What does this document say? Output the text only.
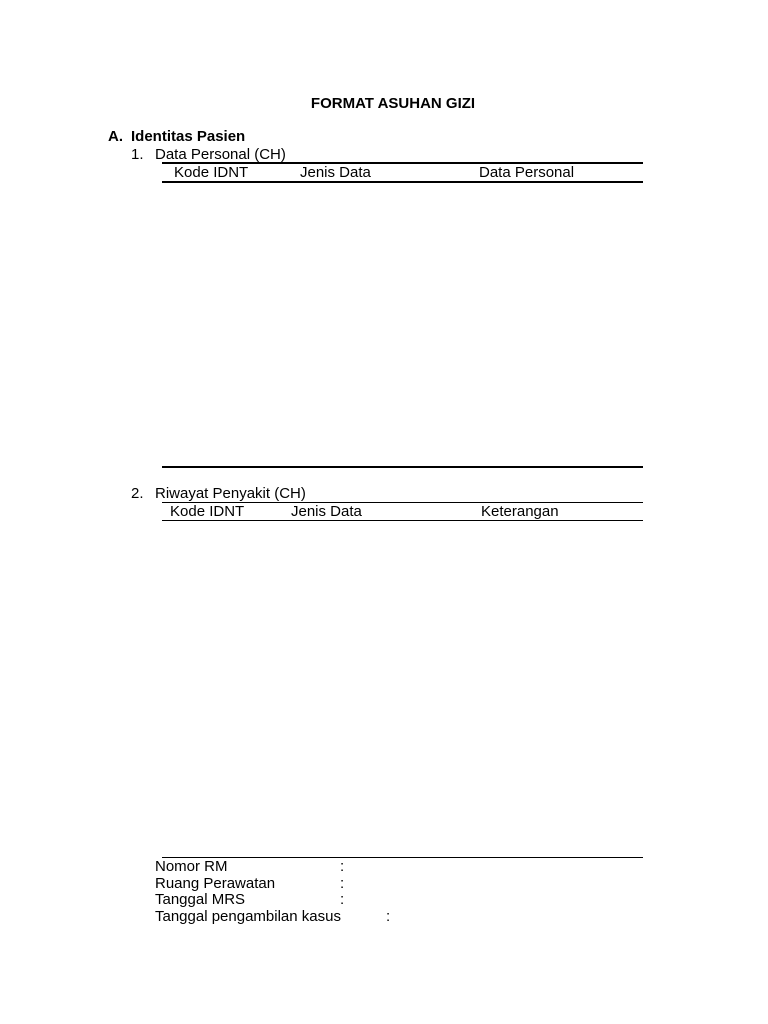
FORMAT ASUHAN GIZI
A. Identitas Pasien
1. Data Personal (CH)
Kode IDNT	Jenis Data	Data Personal
2. Riwayat Penyakit (CH)
Kode IDNT	Jenis Data	Keterangan
Nomor RM	:
Ruang Perawatan	:
Tanggal MRS	:
Tanggal pengambilan kasus	:
